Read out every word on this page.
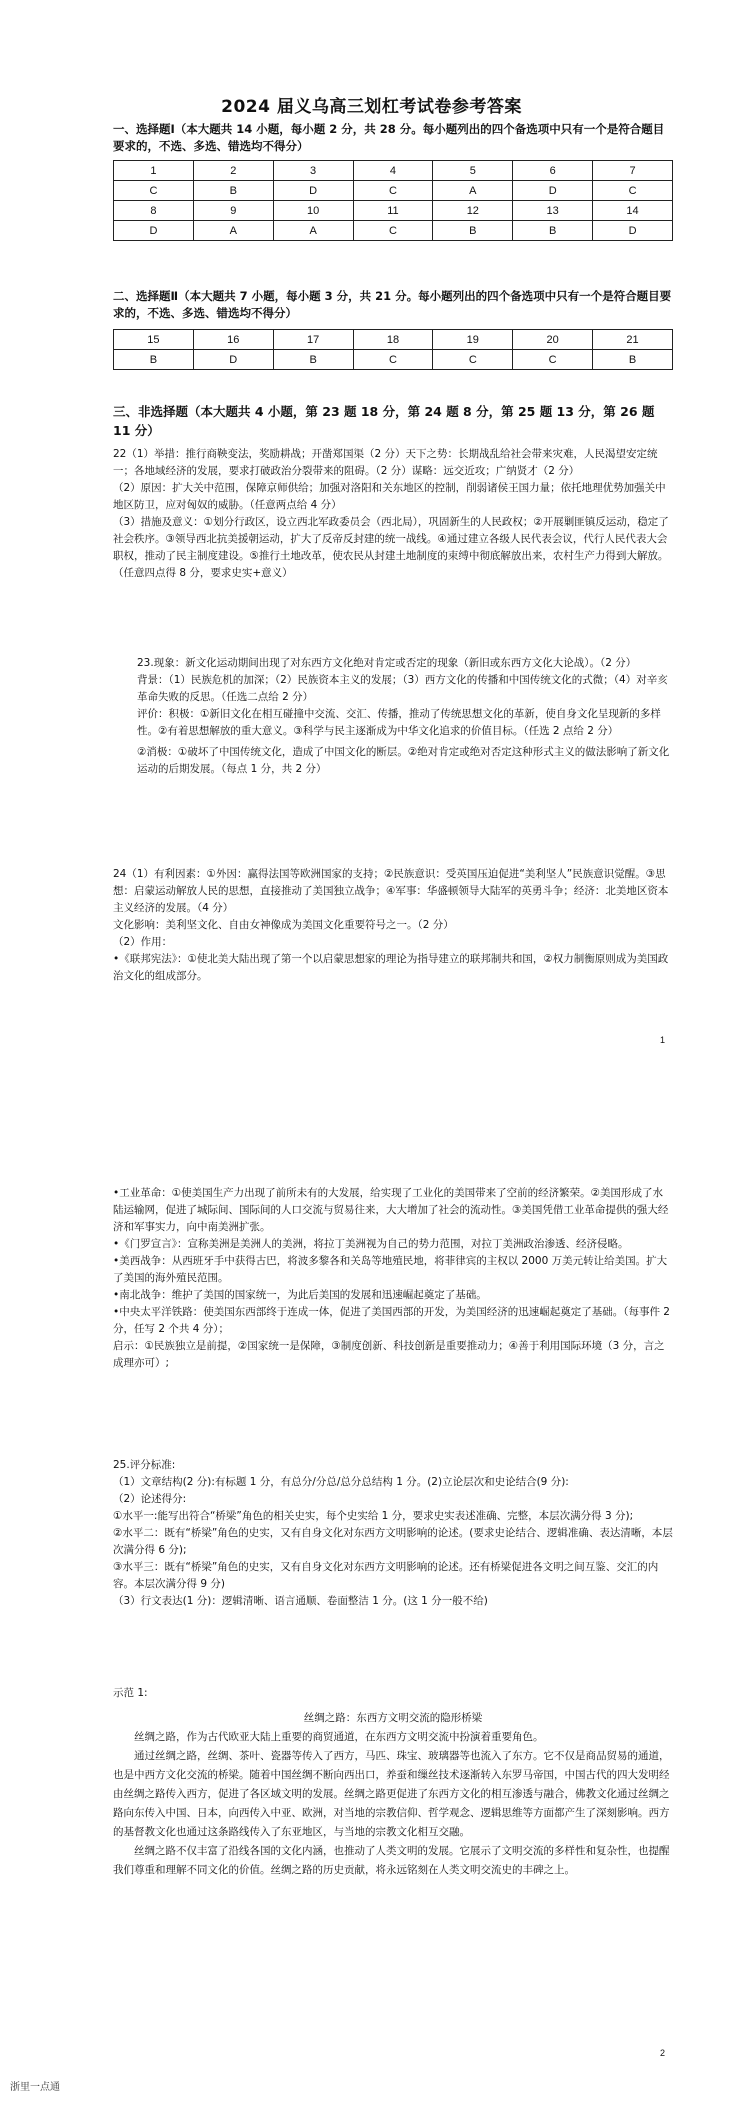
2024 届义乌高三划杠考试卷参考答案
一、选择题Ⅰ（本大题共 14 小题，每小题 2 分，共 28 分。每小题列出的四个备选项中只有一个是符合题目要求的，不选、多选、错选均不得分）
1	2	3	4	5	6	7
C	B	D	C	A	D	C
8	9	10	11	12	13	14
D	A	A	C	B	B	D
二、选择题Ⅱ（本大题共 7 小题，每小题 3 分，共 21 分。每小题列出的四个备选项中只有一个是符合题目要求的，不选、多选、错选均不得分）
15	16	17	18	19	20	21
B	D	B	C	C	C	B
三、非选择题（本大题共 4 小题，第 23 题 18 分，第 24 题 8 分，第 25 题 13 分，第 26 题 11 分）

22（1）举措：推行商鞅变法，奖励耕战；开凿郑国渠（2 分）天下之势：长期战乱给社会带来灾难，人民渴望安定统一；各地域经济的发展，要求打破政治分裂带来的阻碍。（2 分）谋略：远交近攻；广纳贤才（2 分）

（2）原因：扩大关中范围，保障京师供给；加强对洛阳和关东地区的控制，削弱诸侯王国力量；依托地理优势加强关中地区防卫，应对匈奴的威胁。（任意两点给 4 分）

（3）措施及意义：①划分行政区，设立西北军政委员会（西北局），巩固新生的人民政权；②开展剿匪镇反运动，稳定了社会秩序。③领导西北抗美援朝运动，扩大了反帝反封建的统一战线。④通过建立各级人民代表会议，代行人民代表大会职权，推动了民主制度建设。⑤推行土地改革，使农民从封建土地制度的束缚中彻底解放出来，农村生产力得到大解放。（任意四点得 8 分，要求史实+意义）

23.现象：新文化运动期间出现了对东西方文化绝对肯定或否定的现象（新旧或东西方文化大论战）。（2 分）

背景：（1）民族危机的加深；（2）民族资本主义的发展；（3）西方文化的传播和中国传统文化的式微；（4）对辛亥革命失败的反思。（任选二点给 2 分）

评价：积极：①新旧文化在相互碰撞中交流、交汇、传播，推动了传统思想文化的革新，使自身文化呈现新的多样性。②有着思想解放的重大意义。③科学与民主逐渐成为中华文化追求的价值目标。（任选 2 点给 2 分）

②消极：①破坏了中国传统文化，造成了中国文化的断层。②绝对肯定或绝对否定这种形式主义的做法影响了新文化运动的后期发展。（每点 1 分，共 2 分）

24（1）有利因素：①外因：赢得法国等欧洲国家的支持；②民族意识：受英国压迫促进“美利坚人”民族意识觉醒。③思想：启蒙运动解放人民的思想，直接推动了美国独立战争；④军事：华盛顿领导大陆军的英勇斗争；经济：北美地区资本主义经济的发展。（4 分）

文化影响：美利坚文化、自由女神像成为美国文化重要符号之一。（2 分）

（2）作用：

•《联邦宪法》：①使北美大陆出现了第一个以启蒙思想家的理论为指导建立的联邦制共和国，②权力制衡原则成为美国政治文化的组成部分。

1

•工业革命：①使美国生产力出现了前所未有的大发展，给实现了工业化的美国带来了空前的经济繁荣。②美国形成了水陆运输网，促进了城际间、国际间的人口交流与贸易往来，大大增加了社会的流动性。③美国凭借工业革命提供的强大经济和军事实力，向中南美洲扩张。

•《门罗宣言》：宣称美洲是美洲人的美洲，将拉丁美洲视为自己的势力范围，对拉丁美洲政治渗透、经济侵略。

•美西战争：从西班牙手中获得古巴，将波多黎各和关岛等地殖民地，将菲律宾的主权以 2000 万美元转让给美国。扩大了美国的海外殖民范围。

•南北战争：维护了美国的国家统一，为此后美国的发展和迅速崛起奠定了基础。

•中央太平洋铁路：使美国东西部终于连成一体，促进了美国西部的开发，为美国经济的迅速崛起奠定了基础。（每事件 2 分，任写 2 个共 4 分）；

启示：①民族独立是前提，②国家统一是保障，③制度创新、科技创新是重要推动力；④善于利用国际环境（3 分，言之成理亦可）;

25.评分标准:

（1）文章结构(2 分):有标题 1 分，有总分/分总/总分总结构 1 分。(2)立论层次和史论结合(9 分):

（2）论述得分:

①水平一:能写出符合“桥梁”角色的相关史实，每个史实给 1 分，要求史实表述准确、完整，本层次满分得 3 分);

②水平二：既有“桥梁”角色的史实，又有自身文化对东西方文明影响的论述。(要求史论结合、逻辑准确、表达清晰，本层次满分得 6 分);

③水平三：既有“桥梁”角色的史实，又有自身文化对东西方文明影响的论述。还有桥梁促进各文明之间互鉴、交汇的内容。本层次满分得 9 分)

（3）行文表达(1 分)：逻辑清晰、语言通顺、卷面整洁 1 分。(这 1 分一般不给)

示范 1:

丝绸之路：东西方文明交流的隐形桥梁

丝绸之路，作为古代欧亚大陆上重要的商贸通道，在东西方文明交流中扮演着重要角色。

通过丝绸之路，丝绸、茶叶、瓷器等传入了西方，马匹、珠宝、玻璃器等也流入了东方。它不仅是商品贸易的通道，也是中西方文化交流的桥梁。随着中国丝绸不断向西出口，养蚕和缫丝技术逐渐转入东罗马帝国，中国古代的四大发明经由丝绸之路传入西方，促进了各区域文明的发展。丝绸之路更促进了东西方文化的相互渗透与融合，佛教文化通过丝绸之路向东传入中国、日本，向西传入中亚、欧洲，对当地的宗教信仰、哲学观念、逻辑思维等方面都产生了深刻影响。西方的基督教文化也通过这条路线传入了东亚地区，与当地的宗教文化相互交融。

丝绸之路不仅丰富了沿线各国的文化内涵，也推动了人类文明的发展。它展示了文明交流的多样性和复杂性，也提醒我们尊重和理解不同文化的价值。丝绸之路的历史贡献，将永远铭刻在人类文明交流史的丰碑之上。

2
浙里一点通
